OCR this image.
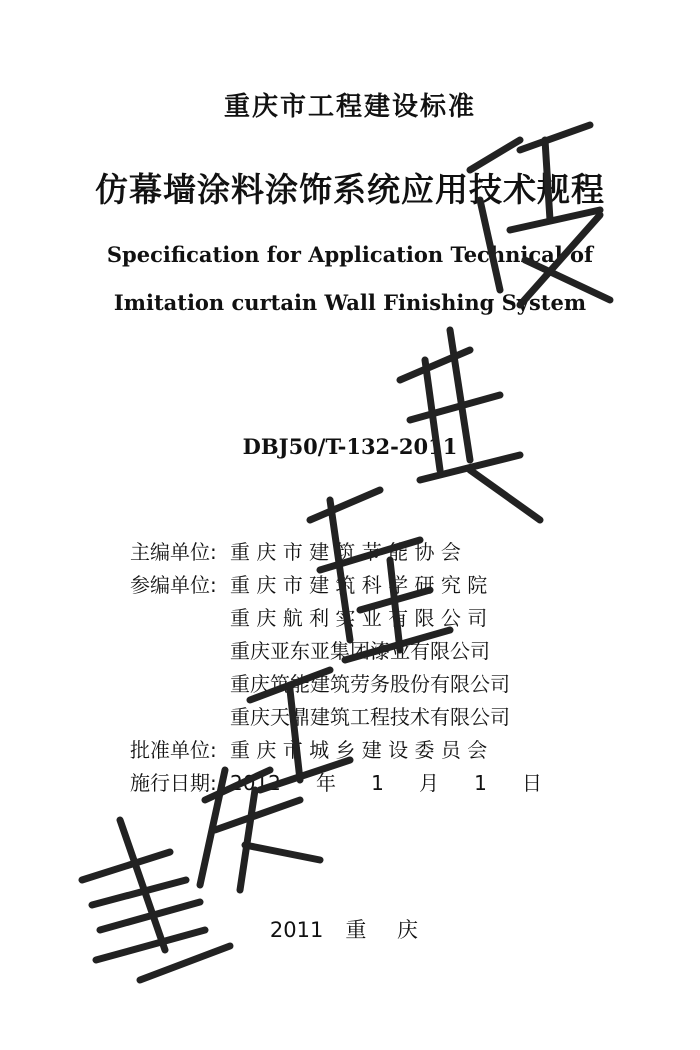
重庆市工程建设标准
仿幕墙涂料涂饰系统应用技术规程
Specification for Application Technical of
Imitation curtain Wall Finishing System
DBJ50/T-132-2011
主编单位: 重 庆 市 建 筑 节 能 协 会
参编单位: 重 庆 市 建 筑 科 学 研 究 院
重 庆 航 利 实 业 有 限 公 司
重庆亚东亚集团漆业有限公司
重庆筑能建筑劳务股份有限公司
重庆天鼎建筑工程技术有限公司
批准单位: 重 庆 市 城 乡 建 设 委 员 会
施行日期: 2012 年 1 月 1 日
2011 重 庆
